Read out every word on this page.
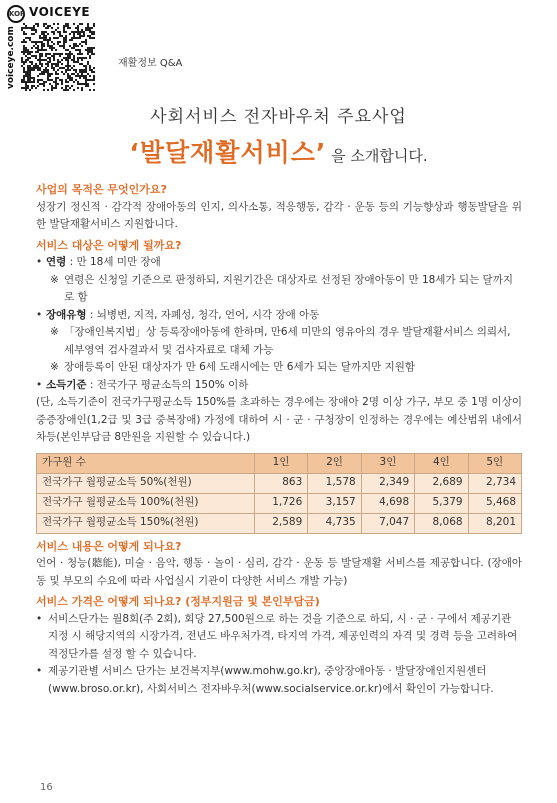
KOR VOICEYE
voiceye.com	재활정보 Q&A
사회서비스 전자바우처 주요사업
‘발달재활서비스’ 을 소개합니다.
사업의 목적은 무엇인가요?
성장기 정신적 · 감각적 장애아동의 인지, 의사소통, 적응행동, 감각 · 운동 등의 기능향상과 행동발달을 위한 발달재활서비스 지원합니다.
서비스 대상은 어떻게 될까요?
• 연령 : 만 18세 미만 장애
※ 연령은 신청일 기준으로 판정하되, 지원기간은 대상자로 선정된 장애아동이 만 18세가 되는 달까지로 함
• 장애유형 : 뇌병변, 지적, 자폐성, 청각, 언어, 시각 장애 아동
※ 「장애인복지법」상 등록장애아동에 한하며, 만6세 미만의 영유아의 경우 발달재활서비스 의뢰서, 세부영역 검사결과서 및 검사자료로 대체 가능
※ 장애등록이 안된 대상자가 만 6세 도래시에는 만 6세가 되는 달까지만 지원함
• 소득기준 : 전국가구 평균소득의 150% 이하
(단, 소득기준이 전국가구평균소득 150%를 초과하는 경우에는 장애아 2명 이상 가구, 부모 중 1명 이상이 중증장애인(1,2급 및 3급 중복장애) 가정에 대하여 시 · 군 · 구청장이 인정하는 경우에는 예산범위 내에서 차등(본인부담금 8만원을 지원할 수 있습니다.)
가구원 수	1인	2인	3인	4인	5인
전국가구 월평균소득 50%(천원)	863	1,578	2,349	2,689	2,734
전국가구 월평균소득 100%(천원)	1,726	3,157	4,698	5,379	5,468
전국가구 월평균소득 150%(천원)	2,589	4,735	7,047	8,068	8,201
서비스 내용은 어떻게 되나요?
언어 · 청능(聽能), 미술 · 음악, 행동 · 놀이 · 심리, 감각 · 운동 등 발달재활 서비스를 제공합니다. (장애아동 및 부모의 수요에 따라 사업실시 기관이 다양한 서비스 개발 가능)
서비스 가격은 어떻게 되나요? (정부지원금 및 본인부담금)
• 서비스단가는 월8회(주 2회), 회당 27,500원으로 하는 것을 기준으로 하되, 시 · 군 · 구에서 제공기관 지정 시 해당지역의 시장가격, 전년도 바우처가격, 타지역 가격, 제공인력의 자격 및 경력 등을 고려하여 적정단가를 설정 할 수 있습니다.
• 제공기관별 서비스 단가는 보건복지부(www.mohw.go.kr), 중앙장애아동 · 발달장애인지원센터(www.broso.or.kr), 사회서비스 전자바우처(www.socialservice.or.kr)에서 확인이 가능합니다.
16
